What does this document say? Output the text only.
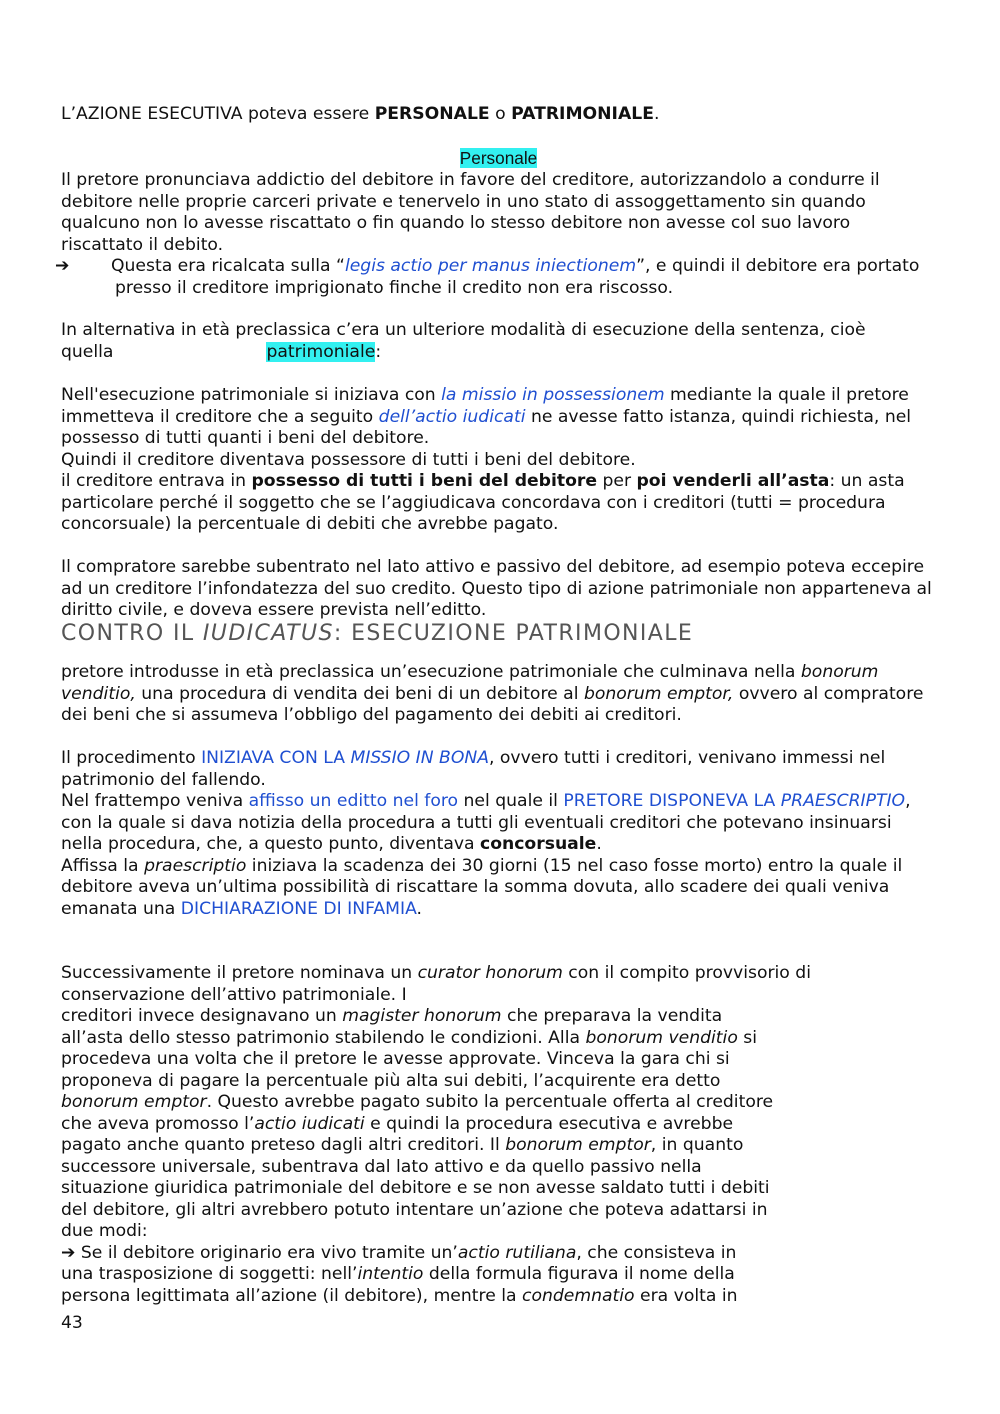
L’AZIONE ESECUTIVA poteva essere PERSONALE o PATRIMONIALE.

Personale

Il pretore pronunciava addictio del debitore in favore del creditore, autorizzandolo a condurre il debitore nelle proprie carceri private e tenervelo in uno stato di assoggettamento sin quando qualcuno non lo avesse riscattato o fin quando lo stesso debitore non avesse col suo lavoro riscattato il debito.

➔ Questa era ricalcata sulla “legis actio per manus iniectionem”, e quindi il debitore era portato presso il creditore imprigionato finche il credito non era riscosso.

In alternativa in età preclassica c’era un ulteriore modalità di esecuzione della sentenza, cioè
quella	patrimoniale:

Nell'esecuzione patrimoniale si iniziava con la missio in possessionem mediante la quale il pretore immetteva il creditore che a seguito dell’actio iudicati ne avesse fatto istanza, quindi richiesta, nel possesso di tutti quanti i beni del debitore.
Quindi il creditore diventava possessore di tutti i beni del debitore.
il creditore entrava in possesso di tutti i beni del debitore per poi venderli all’asta: un asta particolare perché il soggetto che se l’aggiudicava concordava con i creditori (tutti = procedura concorsuale) la percentuale di debiti che avrebbe pagato.

Il compratore sarebbe subentrato nel lato attivo e passivo del debitore, ad esempio poteva eccepire ad un creditore l’infondatezza del suo credito. Questo tipo di azione patrimoniale non apparteneva al diritto civile, e doveva essere prevista nell’editto.

CONTRO IL IUDICATUS: ESECUZIONE PATRIMONIALE

pretore introdusse in età preclassica un’esecuzione patrimoniale che culminava nella bonorum venditio, una procedura di vendita dei beni di un debitore al bonorum emptor, ovvero al compratore dei beni che si assumeva l’obbligo del pagamento dei debiti ai creditori.

Il procedimento INIZIAVA CON LA MISSIO IN BONA, ovvero tutti i creditori, venivano immessi nel patrimonio del fallendo.
Nel frattempo veniva affisso un editto nel foro nel quale il PRETORE DISPONEVA LA PRAESCRIPTIO, con la quale si dava notizia della procedura a tutti gli eventuali creditori che potevano insinuarsi nella procedura, che, a questo punto, diventava concorsuale.
Affissa la praescriptio iniziava la scadenza dei 30 giorni (15 nel caso fosse morto) entro la quale il debitore aveva un’ultima possibilità di riscattare la somma dovuta, allo scadere dei quali veniva emanata una DICHIARAZIONE DI INFAMIA.

Successivamente il pretore nominava un curator honorum con il compito provvisorio di
conservazione dell’attivo patrimoniale. I
creditori invece designavano un magister honorum che preparava la vendita
all’asta dello stesso patrimonio stabilendo le condizioni. Alla bonorum venditio si
procedeva una volta che il pretore le avesse approvate. Vinceva la gara chi si
proponeva di pagare la percentuale più alta sui debiti, l’acquirente era detto
bonorum emptor. Questo avrebbe pagato subito la percentuale offerta al creditore
che aveva promosso l’actio iudicati e quindi la procedura esecutiva e avrebbe
pagato anche quanto preteso dagli altri creditori. Il bonorum emptor, in quanto
successore universale, subentrava dal lato attivo e da quello passivo nella
situazione giuridica patrimoniale del debitore e se non avesse saldato tutti i debiti
del debitore, gli altri avrebbero potuto intentare un’azione che poteva adattarsi in
due modi:
➔ Se il debitore originario era vivo tramite un’actio rutiliana, che consisteva in
una trasposizione di soggetti: nell’intentio della formula figurava il nome della
persona legittimata all’azione (il debitore), mentre la condemnatio era volta in

43
